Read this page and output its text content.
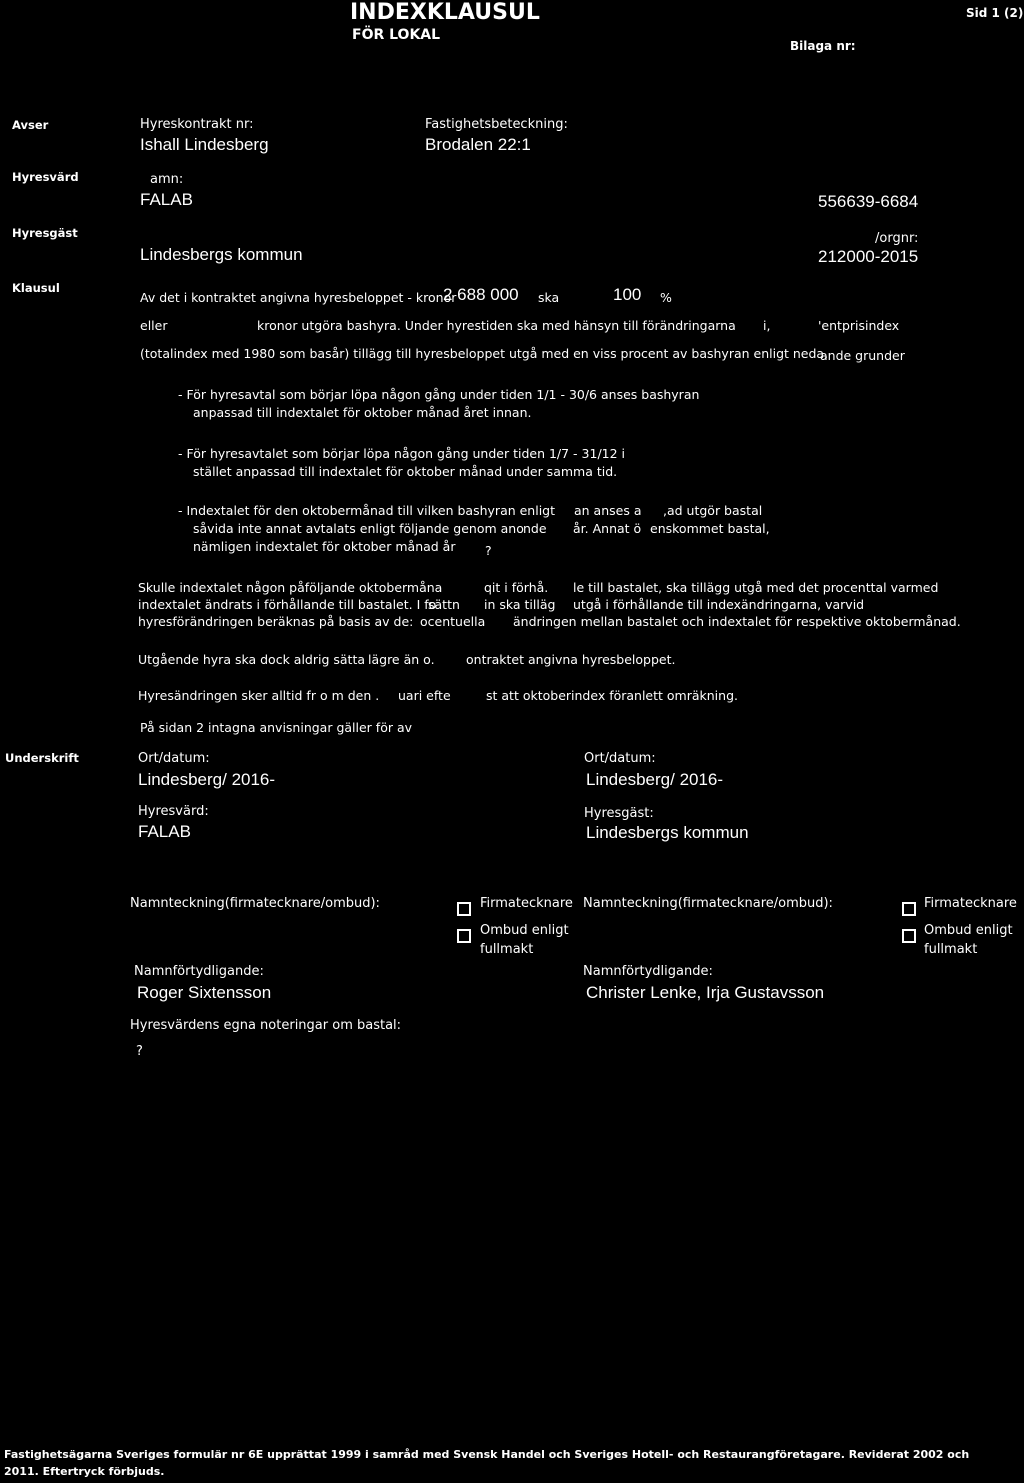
INDEXKLAUSUL
FÖR LOKAL
Sid 1 (2)
Bilaga nr:
Avser
Hyresvärd
Hyresgäst
Klausul
Underskrift
Hyreskontrakt nr:
Ishall Lindesberg
Fastighetsbeteckning:
Brodalen 22:1
amn:
FALAB	556639-6684
Lindesbergs kommun
/orgnr:
212000-2015
Av det i kontraktet angivna hyresbeloppet - kronor
2 688 000 ska	100 %
eller	kronor utgöra bashyra. Under hyrestiden ska med hänsyn till förändringarna i,	'entprisindex
(totalindex med 1980 som basår) tillägg till hyresbeloppet utgå med en viss procent av bashyran enligt neda.
ande grunder
- För hyresavtal som börjar löpa någon gång under tiden 1/1 - 30/6 anses bashyran
anpassad till indextalet för oktober månad året innan.
- För hyresavtalet som börjar löpa någon gång under tiden 1/7 - 31/12 i
stället anpassad till indextalet för oktober månad under samma tid.
- Indextalet för den oktobermånad till vilken bashyran enligt an anses a ,ad utgör bastal
såvida inte annat avtalats enligt följande genom ano nde år. Annat ö enskommet bastal,
nämligen indextalet för oktober månad år ?
Skulle indextalet någon påföljande oktobermåna	qit i förhå. le till bastalet, ska tillägg utgå med det procenttal varmed
indextalet ändrats i förhållande till bastalet. I fo
sättn in ska tilläg utgå i förhållande till indexändringarna, varvid
hyresförändringen beräknas på basis av de: ocentuella ändringen mellan bastalet och indextalet för respektive oktobermånad.
Utgående hyra ska dock aldrig sätta lägre än o.	ontraktet angivna hyresbeloppet.
Hyresändringen sker alltid fr o m den . uari efte	st att oktoberindex föranlett omräkning.
På sidan 2 intagna anvisningar gäller för av
Ort/datum:
Lindesberg/ 2016-
Ort/datum:
Lindesberg/ 2016-
Hyresvärd:
FALAB
Hyresgäst:
Lindesbergs kommun
Namnteckning(firmatecknare/ombud):	Firmatecknare
Ombud enligt
fullmakt
Namnteckning(firmatecknare/ombud):	Firmatecknare
Ombud enligt
fullmakt
Namnförtydligande:
Roger Sixtensson
Namnförtydligande:
Christer Lenke, Irja Gustavsson
Hyresvärdens egna noteringar om bastal:
?
Fastighetsägarna Sveriges formulär nr 6E upprättat 1999 i samråd med Svensk Handel och Sveriges Hotell- och Restaurangföretagare. Reviderat 2002 och
2011. Eftertryck förbjuds.
